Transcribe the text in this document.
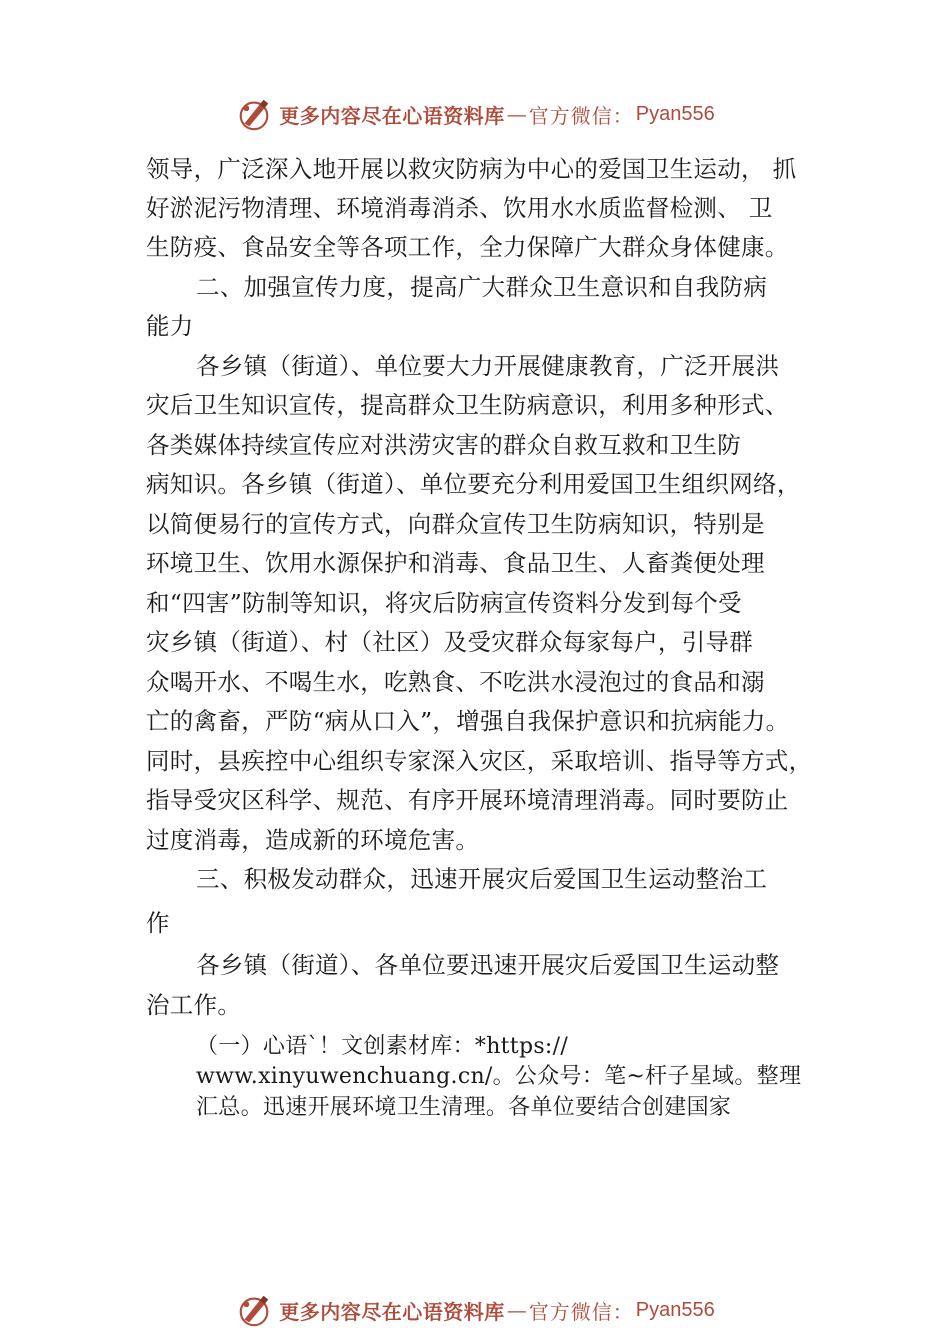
更多内容尽在心语资料库 — 官方微信： Pyan556
领导，广泛深入地开展以救灾防病为中心的爱国卫生运动， 抓
好淤泥污物清理、环境消毒消杀、饮用水水质监督检测、 卫
生防疫、食品安全等各项工作，全力保障广大群众身体健康。
二、加强宣传力度，提高广大群众卫生意识和自我防病
能力
各乡镇（街道）、单位要大力开展健康教育，广泛开展洪
灾后卫生知识宣传，提高群众卫生防病意识，利用多种形式、
各类媒体持续宣传应对洪涝灾害的群众自救互救和卫生防
病知识。各乡镇（街道）、单位要充分利用爱国卫生组织网络，
以简便易行的宣传方式，向群众宣传卫生防病知识，特别是
环境卫生、饮用水源保护和消毒、食品卫生、人畜粪便处理
和“四害”防制等知识，将灾后防病宣传资料分发到每个受
灾乡镇（街道）、村（社区）及受灾群众每家每户，引导群
众喝开水、不喝生水，吃熟食、不吃洪水浸泡过的食品和溺
亡的禽畜，严防“病从口入”，增强自我保护意识和抗病能力。
同时，县疾控中心组织专家深入灾区，采取培训、指导等方式，
指导受灾区科学、规范、有序开展环境清理消毒。同时要防止
过度消毒，造成新的环境危害。
三、积极发动群众，迅速开展灾后爱国卫生运动整治工
作
各乡镇（街道）、各单位要迅速开展灾后爱国卫生运动整
治工作。
（一）心语`！文创素材库：*https://
www.xinyuwenchuang.cn/。公众号：笔~杆子星域。整理
汇总。迅速开展环境卫生清理。各单位要结合创建国家
更多内容尽在心语资料库 — 官方微信： Pyan556
